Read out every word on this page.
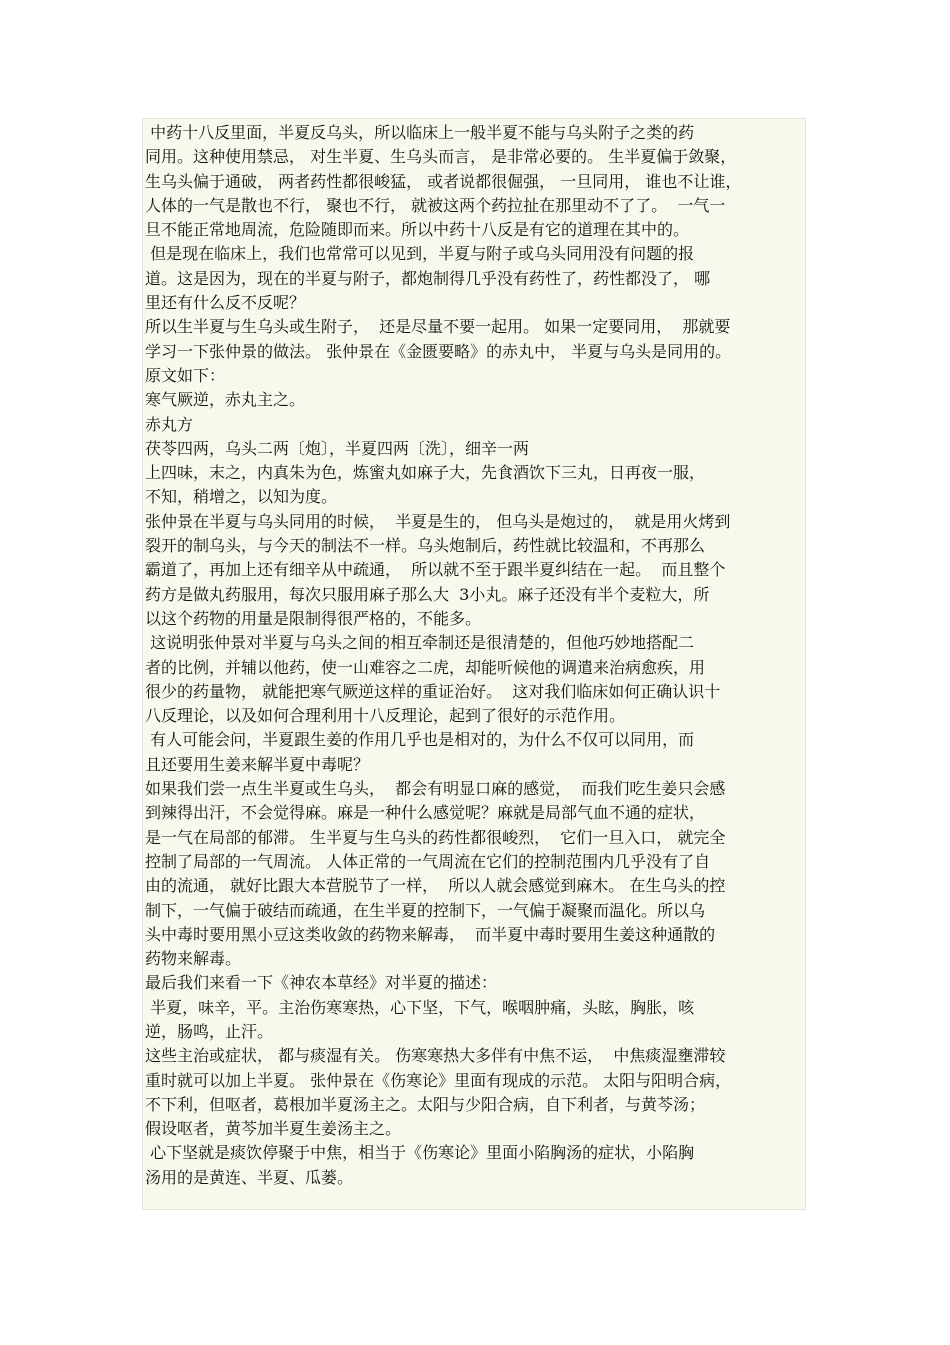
中药十八反里面，半夏反乌头，所以临床上一般半夏不能与乌头附子之类的药
同用。这种使用禁忌， 对生半夏、生乌头而言， 是非常必要的。 生半夏偏于敛聚，
生乌头偏于通破， 两者药性都很峻猛， 或者说都很倔强， 一旦同用， 谁也不让谁，
人体的一气是散也不行， 聚也不行， 就被这两个药拉扯在那里动不了了。  一气一
旦不能正常地周流，危险随即而来。所以中药十八反是有它的道理在其中的。
但是现在临床上，我们也常常可以见到，半夏与附子或乌头同用没有问题的报
道。这是因为，现在的半夏与附子，都炮制得几乎没有药性了，药性都没了， 哪
里还有什么反不反呢？
所以生半夏与生乌头或生附子，  还是尽量不要一起用。 如果一定要同用，  那就要
学习一下张仲景的做法。 张仲景在《金匮要略》的赤丸中， 半夏与乌头是同用的。
原文如下：
寒气厥逆，赤丸主之。
赤丸方
茯苓四两，乌头二两〔炮〕，半夏四两〔洗〕，细辛一两
上四味，末之，内真朱为色，炼蜜丸如麻子大，先食酒饮下三丸，日再夜一服，
不知，稍增之，以知为度。
张仲景在半夏与乌头同用的时候，  半夏是生的， 但乌头是炮过的，  就是用火烤到
裂开的制乌头，与今天的制法不一样。乌头炮制后，药性就比较温和，不再那么
霸道了，再加上还有细辛从中疏通，  所以就不至于跟半夏纠结在一起。  而且整个
药方是做丸药服用，每次只服用麻子那么大  3小丸。麻子还没有半个麦粒大，所
以这个药物的用量是限制得很严格的，不能多。
这说明张仲景对半夏与乌头之间的相互牵制还是很清楚的，但他巧妙地搭配二
者的比例，并辅以他药，使一山难容之二虎，却能听候他的调遣来治病愈疾，用
很少的药量物， 就能把寒气厥逆这样的重证治好。  这对我们临床如何正确认识十
八反理论，以及如何合理利用十八反理论，起到了很好的示范作用。
有人可能会问，半夏跟生姜的作用几乎也是相对的，为什么不仅可以同用，而
且还要用生姜来解半夏中毒呢？
如果我们尝一点生半夏或生乌头，  都会有明显口麻的感觉，  而我们吃生姜只会感
到辣得出汗，不会觉得麻。麻是一种什么感觉呢？麻就是局部气血不通的症状，
是一气在局部的郁滞。 生半夏与生乌头的药性都很峻烈，  它们一旦入口， 就完全
控制了局部的一气周流。 人体正常的一气周流在它们的控制范围内几乎没有了自
由的流通， 就好比跟大本营脱节了一样，  所以人就会感觉到麻木。 在生乌头的控
制下，一气偏于破结而疏通，在生半夏的控制下，一气偏于凝聚而温化。所以乌
头中毒时要用黑小豆这类收敛的药物来解毒，  而半夏中毒时要用生姜这种通散的
药物来解毒。
最后我们来看一下《神农本草经》对半夏的描述：
半夏，味辛，平。主治伤寒寒热，心下坚，下气，喉咽肿痛，头眩，胸胀，咳
逆，肠鸣，止汗。
这些主治或症状， 都与痰湿有关。 伤寒寒热大多伴有中焦不运，  中焦痰湿壅滞较
重时就可以加上半夏。 张仲景在《伤寒论》里面有现成的示范。 太阳与阳明合病，
不下利，但呕者，葛根加半夏汤主之。太阳与少阳合病，自下利者，与黄芩汤；
假设呕者，黄芩加半夏生姜汤主之。
心下坚就是痰饮停聚于中焦，相当于《伤寒论》里面小陷胸汤的症状，小陷胸
汤用的是黄连、半夏、瓜蒌。
